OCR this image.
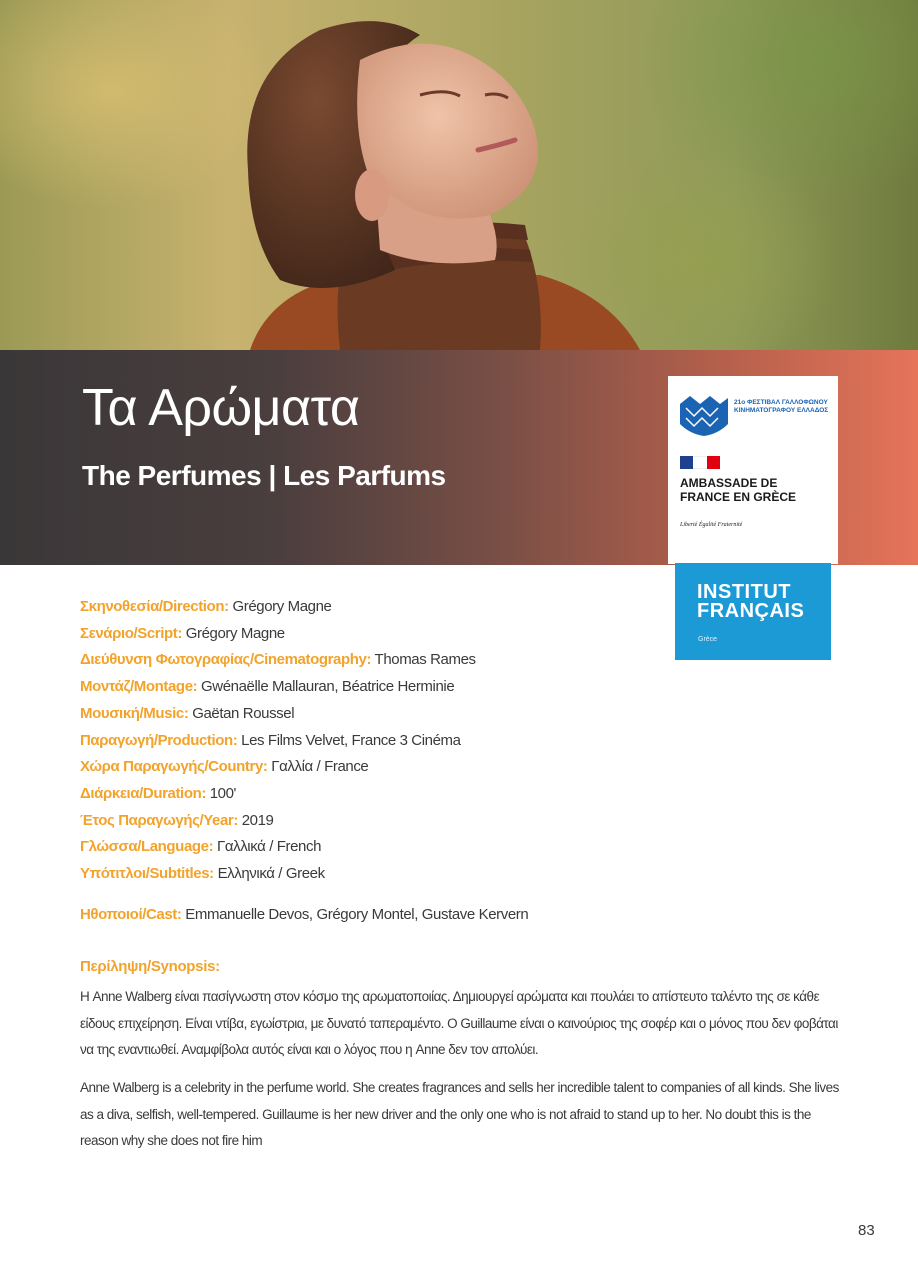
Τα Αρώματα
The Perfumes | Les Parfums
21ο ΦΕΣΤΙΒΑΛ ΓΑΛΛΟΦΩΝΟΥ ΚΙΝΗΜΑΤΟΓΡΑΦΟΥ ΕΛΛΑΔΟΣ
AMBASSADE DE FRANCE EN GRÈCE
Liberté Égalité Fraternité
INSTITUT FRANÇAIS
Grèce
Σκηνοθεσία/Direction: Grégory Magne
Σενάριο/Script: Grégory Magne
Διεύθυνση Φωτογραφίας/Cinematography: Thomas Rames
Μοντάζ/Montage: Gwénaëlle Mallauran, Béatrice Herminie
Μουσική/Music: Gaëtan Roussel
Παραγωγή/Production: Les Films Velvet, France 3 Cinéma
Χώρα Παραγωγής/Country: Γαλλία / France
Διάρκεια/Duration: 100'
Έτος Παραγωγής/Year: 2019
Γλώσσα/Language: Γαλλικά / French
Υπότιτλοι/Subtitles: Ελληνικά / Greek
Ηθοποιοί/Cast: Emmanuelle Devos, Grégory Montel, Gustave Kervern
Περίληψη/Synopsis:

Η Anne Walberg είναι πασίγνωστη στον κόσμο της αρωματοποιίας. Δημιουργεί αρώματα και πουλάει το απίστευτο ταλέντο της σε κάθε είδους επιχείρηση. Είναι ντίβα, εγωίστρια, με δυνατό ταπεραμέντο. Ο Guillaume είναι ο καινούριος της σοφέρ και ο μόνος που δεν φοβάται να της εναντιωθεί. Αναμφίβολα αυτός είναι και ο λόγος που η Anne δεν τον απολύει.

Anne Walberg is a celebrity in the perfume world. She creates fragrances and sells her incredible talent to companies of all kinds. She lives as a diva, selfish, well-tempered. Guillaume is her new driver and the only one who is not afraid to stand up to her. No doubt this is the reason why she does not fire him

83
